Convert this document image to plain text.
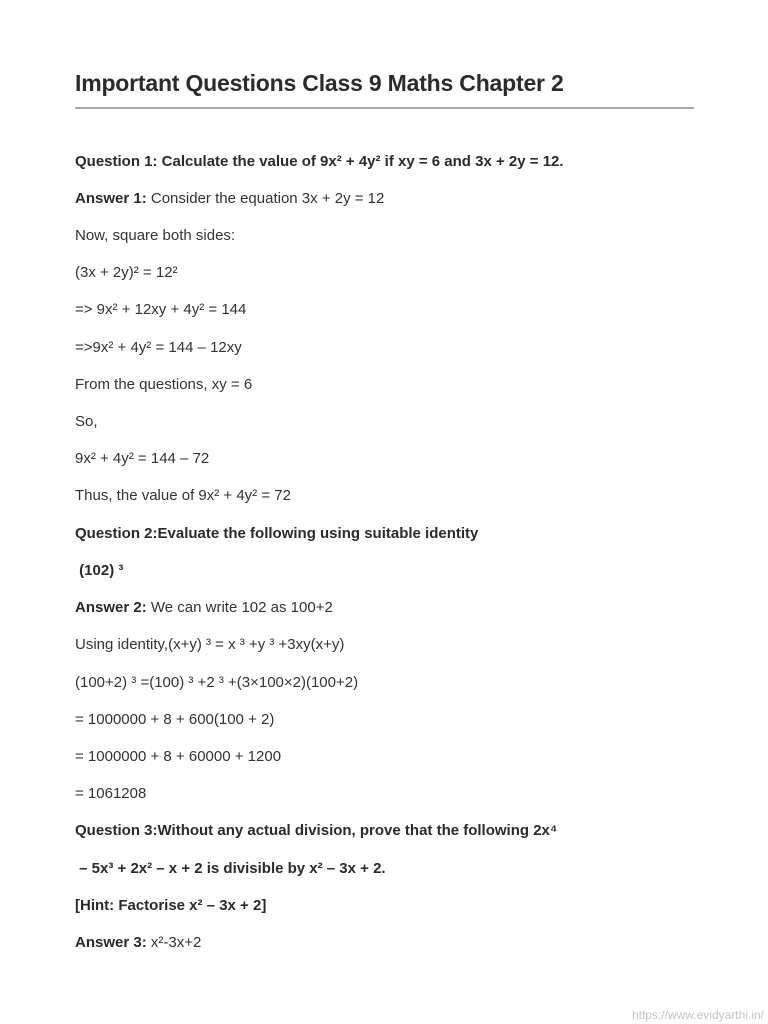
Important Questions Class 9 Maths Chapter 2

Question 1: Calculate the value of 9x² + 4y² if xy = 6 and 3x + 2y = 12.

Answer 1: Consider the equation 3x + 2y = 12

Now, square both sides:

(3x + 2y)² = 12²

=> 9x² + 12xy + 4y² = 144

=>9x² + 4y² = 144 – 12xy

From the questions, xy = 6

So,

9x² + 4y² = 144 – 72

Thus, the value of 9x² + 4y² = 72

Question 2:Evaluate the following using suitable identity

(102) ³

Answer 2: We can write 102 as 100+2

Using identity,(x+y) ³ = x ³ +y ³ +3xy(x+y)

(100+2) ³ =(100) ³ +2 ³ +(3×100×2)(100+2)

= 1000000 + 8 + 600(100 + 2)

= 1000000 + 8 + 60000 + 1200

= 1061208

Question 3:Without any actual division, prove that the following 2x⁴

– 5x³ + 2x² – x + 2 is divisible by x² – 3x + 2.

[Hint: Factorise x² – 3x + 2]

Answer 3: x²-3x+2

https://www.evidyarthi.in/
